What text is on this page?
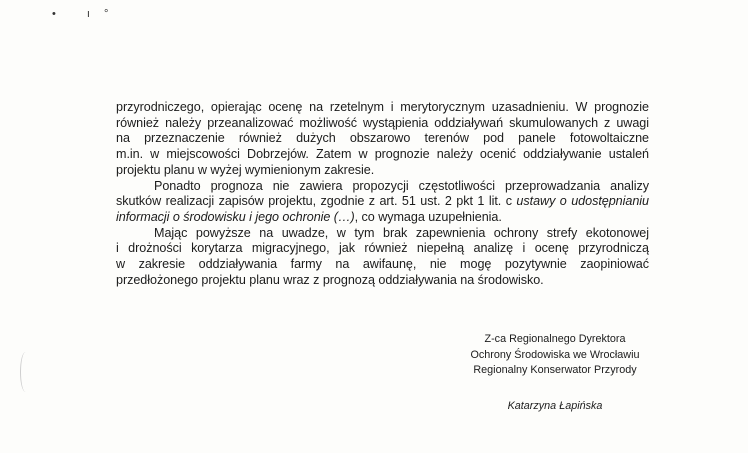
• ı°

przyrodniczego, opierając ocenę na rzetelnym i merytorycznym uzasadnieniu. W prognozie
również należy przeanalizować możliwość wystąpienia oddziaływań skumulowanych z uwagi
na przeznaczenie również dużych obszarowo terenów pod panele fotowoltaiczne
m.in. w miejscowości Dobrzejów. Zatem w prognozie należy ocenić oddziaływanie ustaleń
projektu planu w wyżej wymienionym zakresie.

Ponadto prognoza nie zawiera propozycji częstotliwości przeprowadzania analizy
skutków realizacji zapisów projektu, zgodnie z art. 51 ust. 2 pkt 1 lit. c ustawy o udostępnianiu
informacji o środowisku i jego ochronie (…), co wymaga uzupełnienia.

Mając powyższe na uwadze, w tym brak zapewnienia ochrony strefy ekotonowej
i drożności korytarza migracyjnego, jak również niepełną analizę i ocenę przyrodniczą
w zakresie oddziaływania farmy na awifaunę, nie mogę pozytywnie zaopiniować
przedłożonego projektu planu wraz z prognozą oddziaływania na środowisko.

Z-ca Regionalnego Dyrektora
Ochrony Środowiska we Wrocławiu
Regionalny Konserwator Przyrody
Katarzyna Łapińska
